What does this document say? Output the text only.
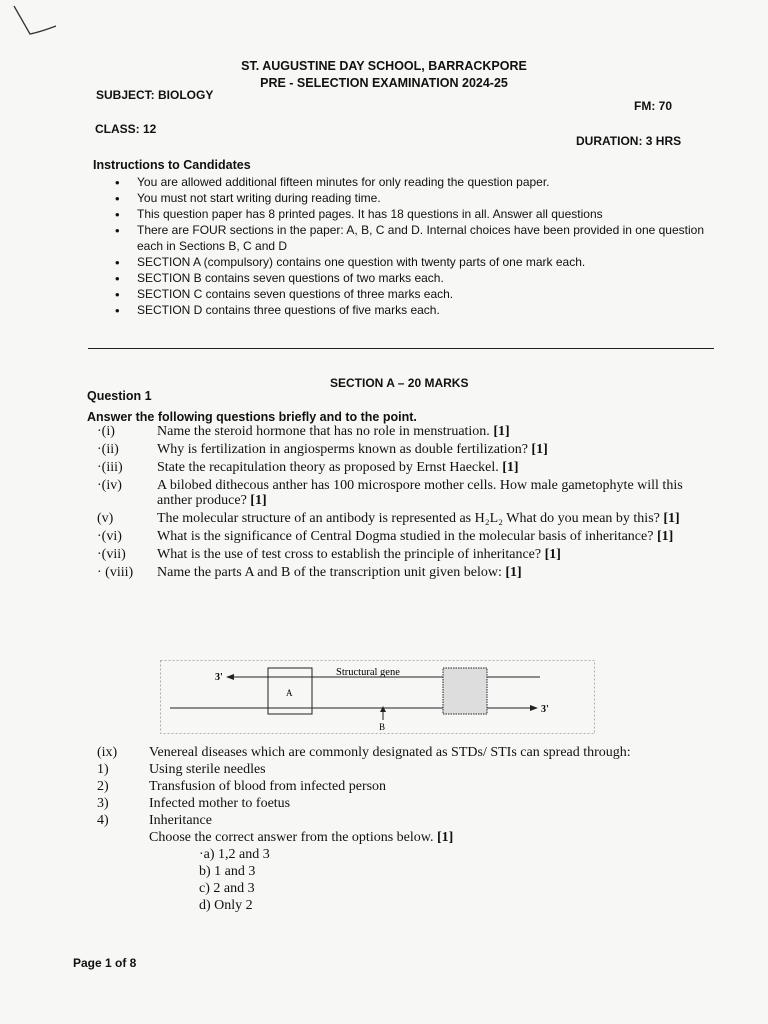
ST. AUGUSTINE DAY SCHOOL, BARRACKPORE
PRE - SELECTION EXAMINATION 2024-25
SUBJECT: BIOLOGY
FM: 70
CLASS: 12
DURATION: 3 HRS
Instructions to Candidates
• You are allowed additional fifteen minutes for only reading the question paper.
• You must not start writing during reading time.
• This question paper has 8 printed pages. It has 18 questions in all. Answer all questions
• There are FOUR sections in the paper: A, B, C and D. Internal choices have been provided in one question each in Sections B, C and D
• SECTION A (compulsory) contains one question with twenty parts of one mark each.
• SECTION B contains seven questions of two marks each.
• SECTION C contains seven questions of three marks each.
• SECTION D contains three questions of five marks each.
SECTION A – 20 MARKS
Question 1
Answer the following questions briefly and to the point.
·(i)	Name the steroid hormone that has no role in menstruation. [1]
·(ii)	Why is fertilization in angiosperms known as double fertilization? [1]
·(iii)	State the recapitulation theory as proposed by Ernst Haeckel. [1]
·(iv)	A bilobed dithecous anther has 100 microspore mother cells. How male gametophyte will this anther produce? [1]
(v)	The molecular structure of an antibody is represented as H₂L₂ What do you mean by this? [1]
·(vi)	What is the significance of Central Dogma studied in the molecular basis of inheritance? [1]
·(vii)	What is the use of test cross to establish the principle of inheritance? [1]
· (viii)	Name the parts A and B of the transcription unit given below: [1]
3'
3'
Structural gene
A
B
(ix)	Venereal diseases which are commonly designated as STDs/ STIs can spread through:
1)	Using sterile needles
2)	Transfusion of blood from infected person
3)	Infected mother to foetus
4)	Inheritance
Choose the correct answer from the options below. [1]
·a) 1,2 and 3
b) 1 and 3
c) 2 and 3
d) Only 2
Page 1 of 8
